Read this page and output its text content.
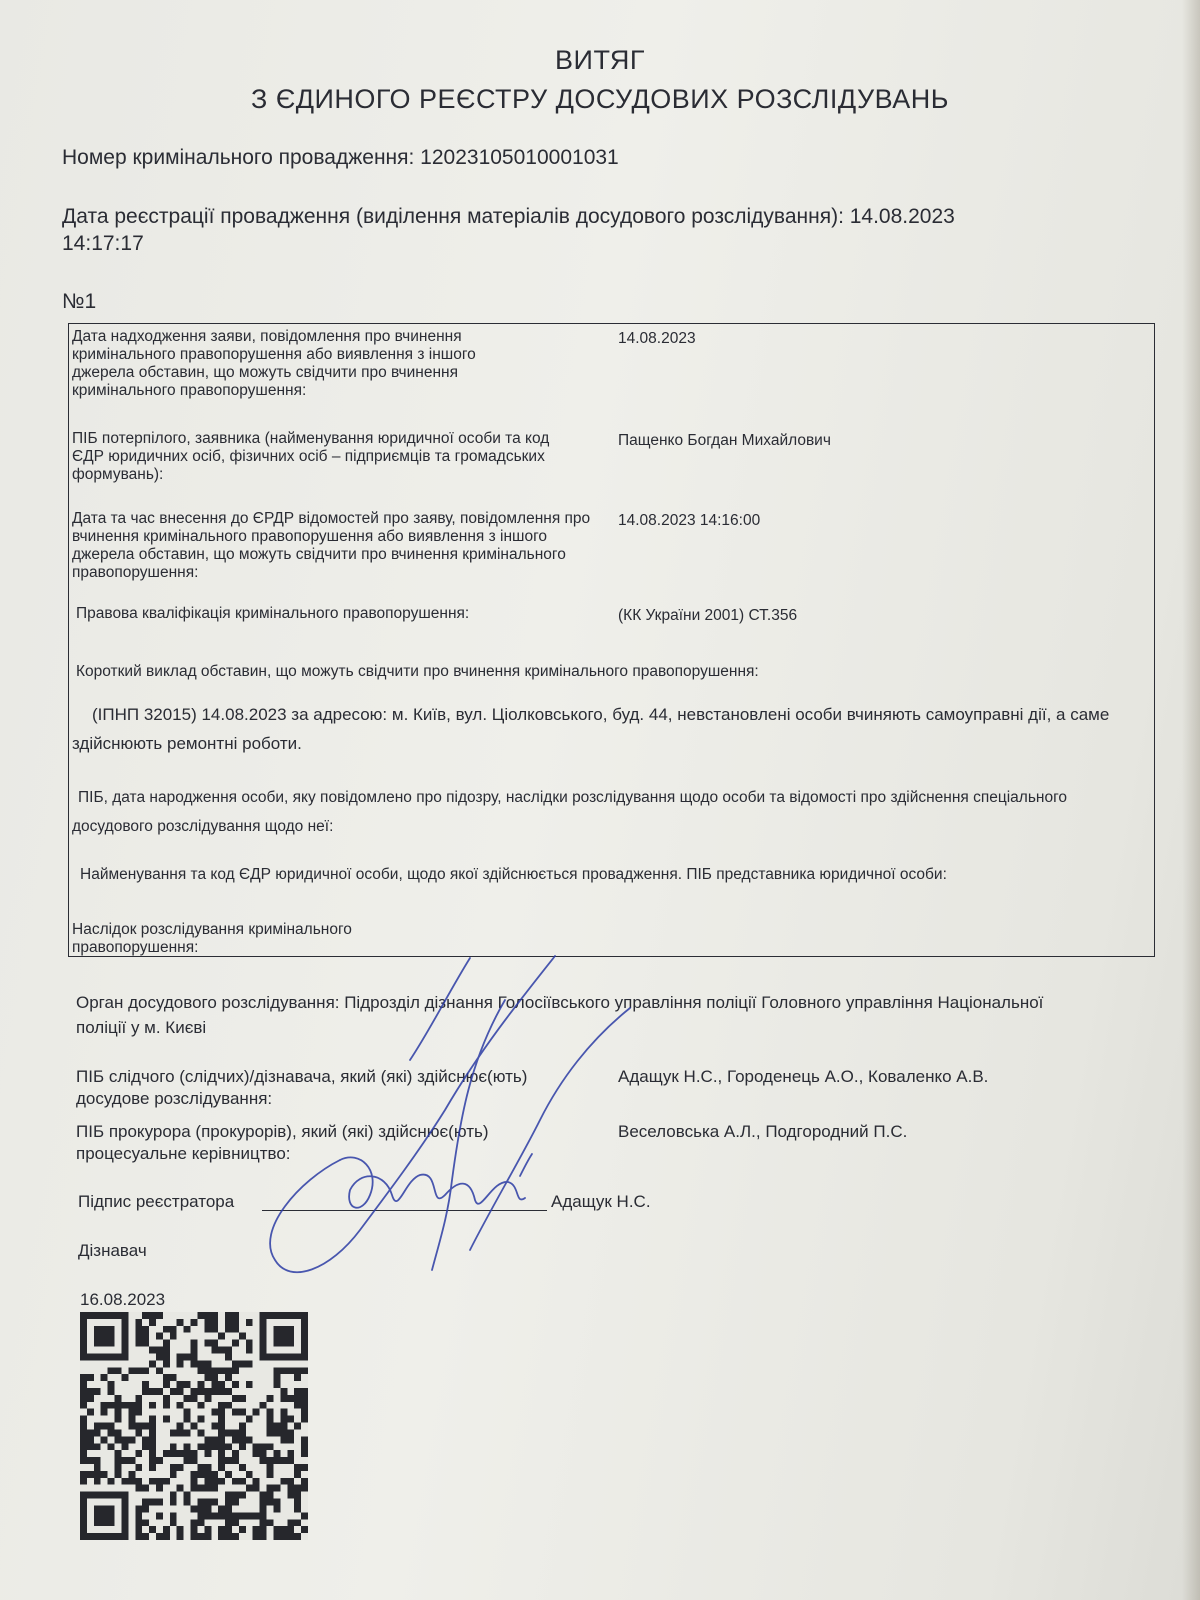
ВИТЯГ
З ЄДИНОГО РЕЄСТРУ ДОСУДОВИХ РОЗСЛІДУВАНЬ
Номер кримінального провадження: 12023105010001031
Дата реєстрації провадження (виділення матеріалів досудового розслідування): 14.08.2023
14:17:17
№1
Дата надходження заяви, повідомлення про вчинення кримінального правопорушення або виявлення з іншого джерела обставин, що можуть свідчити про вчинення кримінального правопорушення:
14.08.2023
ПІБ потерпілого, заявника (найменування юридичної особи та код ЄДР юридичних осіб, фізичних осіб – підприємців та громадських формувань):
Пащенко Богдан Михайлович
Дата та час внесення до ЄРДР відомостей про заяву, повідомлення про вчинення кримінального правопорушення або виявлення з іншого джерела обставин, що можуть свідчити про вчинення кримінального правопорушення:
14.08.2023 14:16:00
Правова кваліфікація кримінального правопорушення:	(КК України 2001) СТ.356
Короткий виклад обставин, що можуть свідчити про вчинення кримінального правопорушення:
(ІПНП 32015) 14.08.2023 за адресою: м. Київ, вул. Ціолковського, буд. 44, невстановлені особи вчиняють самоуправні дії, а саме здійснюють ремонтні роботи.
ПІБ, дата народження особи, яку повідомлено про підозру, наслідки розслідування щодо особи та відомості про здійснення спеціального досудового розслідування щодо неї:
Найменування та код ЄДР юридичної особи, щодо якої здійснюється провадження. ПІБ представника юридичної особи:
Наслідок розслідування кримінального правопорушення:
Орган досудового розслідування: Підрозділ дізнання Голосіївського управління поліції Головного управління Національної поліції у м. Києві
ПІБ слідчого (слідчих)/дізнавача, який (які) здійснює(ють) досудове розслідування:
Адащук Н.С., Городенець А.О., Коваленко А.В.
ПІБ прокурора (прокурорів), який (які) здійснює(ють) процесуальне керівництво:
Веселовська А.Л., Подгородний П.С.
Підпис реєстратора	Адащук Н.С.
Дізнавач
16.08.2023
